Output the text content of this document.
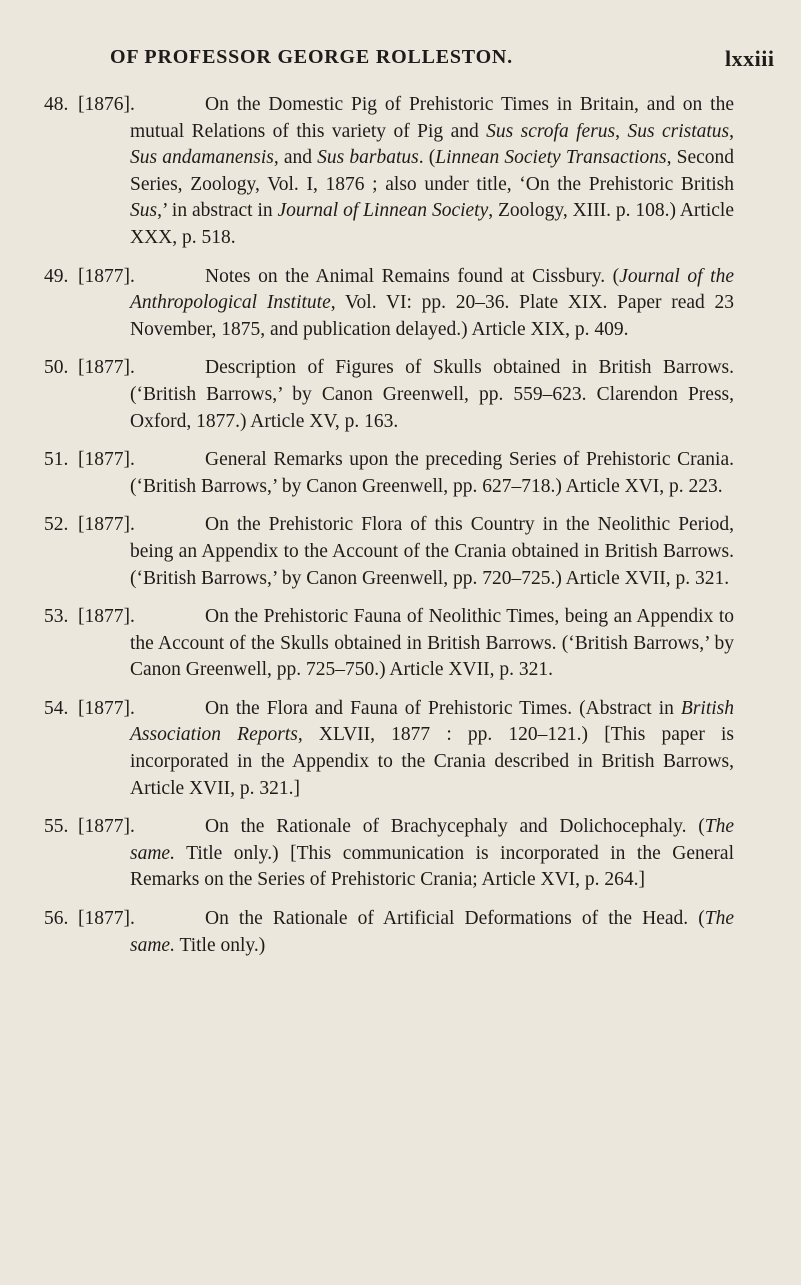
OF PROFESSOR GEORGE ROLLESTON.	lxxiii
48. [1876].	On the Domestic Pig of Prehistoric Times in Britain, and on the mutual Relations of this variety of Pig and Sus scrofa ferus, Sus cristatus, Sus andamanensis, and Sus barbatus. (Linnean Society Transactions, Second Series, Zoology, Vol. I, 1876 ; also under title, ‘On the Prehistoric British Sus,’ in abstract in Journal of Linnean Society, Zoology, XIII. p. 108.) Article XXX, p. 518.
49. [1877].	Notes on the Animal Remains found at Cissbury. (Journal of the Anthropological Institute, Vol. VI: pp. 20–36. Plate XIX. Paper read 23 November, 1875, and publication delayed.) Article XIX, p. 409.
50. [1877].	Description of Figures of Skulls obtained in British Barrows. (‘British Barrows,’ by Canon Greenwell, pp. 559–623. Clarendon Press, Oxford, 1877.) Article XV, p. 163.
51. [1877].	General Remarks upon the preceding Series of Prehistoric Crania. (‘British Barrows,’ by Canon Greenwell, pp. 627–718.) Article XVI, p. 223.
52. [1877].	On the Prehistoric Flora of this Country in the Neolithic Period, being an Appendix to the Account of the Crania obtained in British Barrows. (‘British Barrows,’ by Canon Greenwell, pp. 720–725.) Article XVII, p. 321.
53. [1877].	On the Prehistoric Fauna of Neolithic Times, being an Appendix to the Account of the Skulls obtained in British Barrows. (‘British Barrows,’ by Canon Greenwell, pp. 725–750.) Article XVII, p. 321.
54. [1877].	On the Flora and Fauna of Prehistoric Times. (Abstract in British Association Reports, XLVII, 1877 : pp. 120–121.) [This paper is incorporated in the Appendix to the Crania described in British Barrows, Article XVII, p. 321.]
55. [1877].	On the Rationale of Brachycephaly and Dolichocephaly. (The same. Title only.) [This communication is incorporated in the General Remarks on the Series of Prehistoric Crania; Article XVI, p. 264.]
56. [1877].	On the Rationale of Artificial Deformations of the Head. (The same. Title only.)
